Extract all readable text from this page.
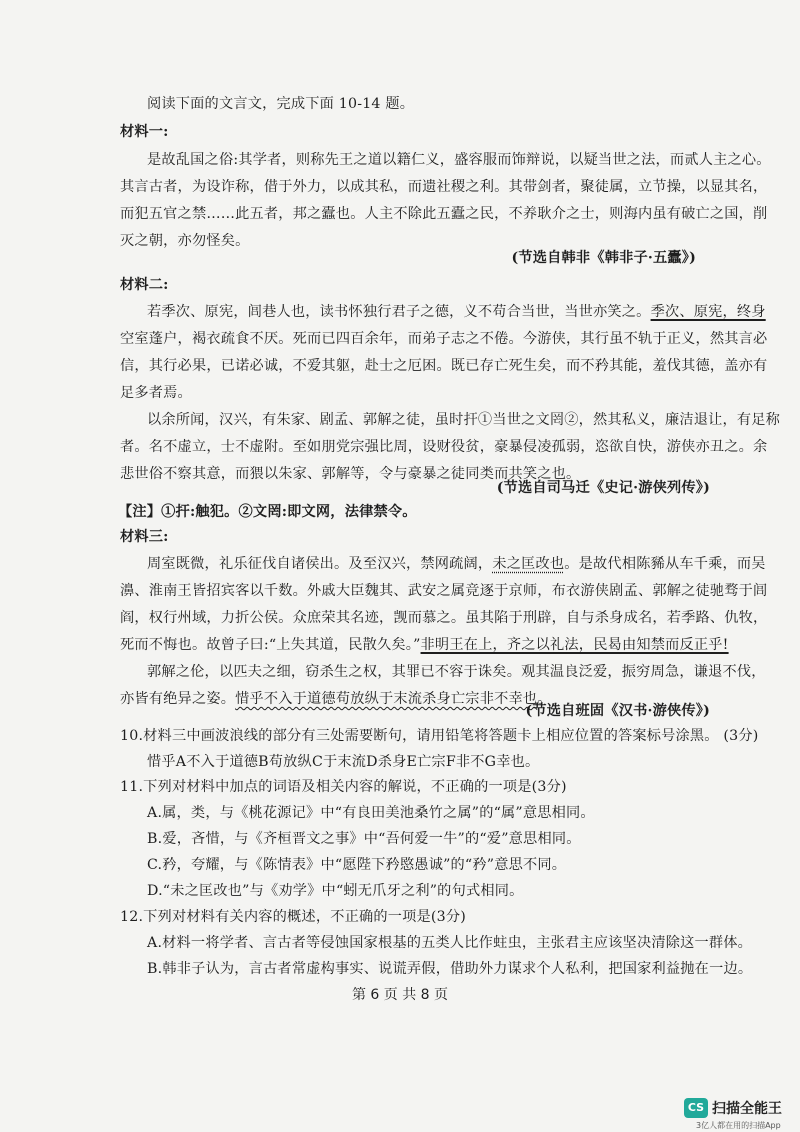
阅读下面的文言文，完成下面 10-14 题。
材料一:
是故乱国之俗:其学者，则称先王之道以籍仁义，盛容服而饰辩说，以疑当世之法，而贰人主之心。
其言古者，为设诈称，借于外力，以成其私，而遗社稷之利。其带剑者，聚徒属，立节操，以显其名，
而犯五官之禁……此五者，邦之蠹也。人主不除此五蠹之民，不养耿介之士，则海内虽有破亡之国，削
灭之朝，亦勿怪矣。
(节选自韩非《韩非子·五蠹》)
材料二:
若季次、原宪，闾巷人也，读书怀独行君子之德，义不苟合当世，当世亦笑之。季次、原宪，终身
空室蓬户，褐衣疏食不厌。死而已四百余年，而弟子志之不倦。今游侠，其行虽不轨于正义，然其言必
信，其行必果，已诺必诚，不爱其躯，赴士之厄困。既已存亡死生矣，而不矜其能，羞伐其德，盖亦有
足多者焉。
以余所闻，汉兴，有朱家、剧孟、郭解之徒，虽时扞①当世之文罔②，然其私义，廉洁退让，有足称
者。名不虚立，士不虚附。至如朋党宗强比周，设财役贫，豪暴侵凌孤弱，恣欲自快，游侠亦丑之。余
悲世俗不察其意，而猥以朱家、郭解等，令与豪暴之徒同类而共笑之也。
(节选自司马迁《史记·游侠列传》)
【注】①扞:触犯。②文罔:即文网，法律禁令。
材料三:
周室既微，礼乐征伐自诸侯出。及至汉兴，禁网疏阔，未之匡改也。是故代相陈豨从车千乘，而吴
濞、淮南王皆招宾客以千数。外戚大臣魏其、武安之属竞逐于京师，布衣游侠剧孟、郭解之徒驰骛于闾
阎，权行州域，力折公侯。众庶荣其名迹，觊而慕之。虽其陷于刑辟，自与杀身成名，若季路、仇牧，
死而不悔也。故曾子曰:“上失其道，民散久矣。”非明王在上，齐之以礼法，民曷由知禁而反正乎!
郭解之伦，以匹夫之细，窃杀生之权，其罪已不容于诛矣。观其温良泛爱，振穷周急，谦退不伐，
亦皆有绝异之姿。惜乎不入于道德苟放纵于末流杀身亡宗非不幸也。
(节选自班固《汉书·游侠传》)
10.材料三中画波浪线的部分有三处需要断句，请用铅笔将答题卡上相应位置的答案标号涂黑。 (3分)
惜乎A不入于道德B苟放纵C于末流D杀身E亡宗F非不G幸也。
11.下列对材料中加点的词语及相关内容的解说，不正确的一项是(3分)
A.属，类，与《桃花源记》中“有良田美池桑竹之属”的“属”意思相同。
B.爱，吝惜，与《齐桓晋文之事》中“吾何爱一牛”的“爱”意思相同。
C.矜，夸耀，与《陈情表》中“愿陛下矜愍愚诚”的“矜”意思不同。
D.“未之匡改也”与《劝学》中“蚓无爪牙之利”的句式相同。
12.下列对材料有关内容的概述，不正确的一项是(3分)
A.材料一将学者、言古者等侵蚀国家根基的五类人比作蛀虫，主张君主应该坚决清除这一群体。
B.韩非子认为，言古者常虚构事实、说谎弄假，借助外力谋求个人私利，把国家利益抛在一边。
第 6 页 共 8 页
CS 扫描全能王
3亿人都在用的扫描App
